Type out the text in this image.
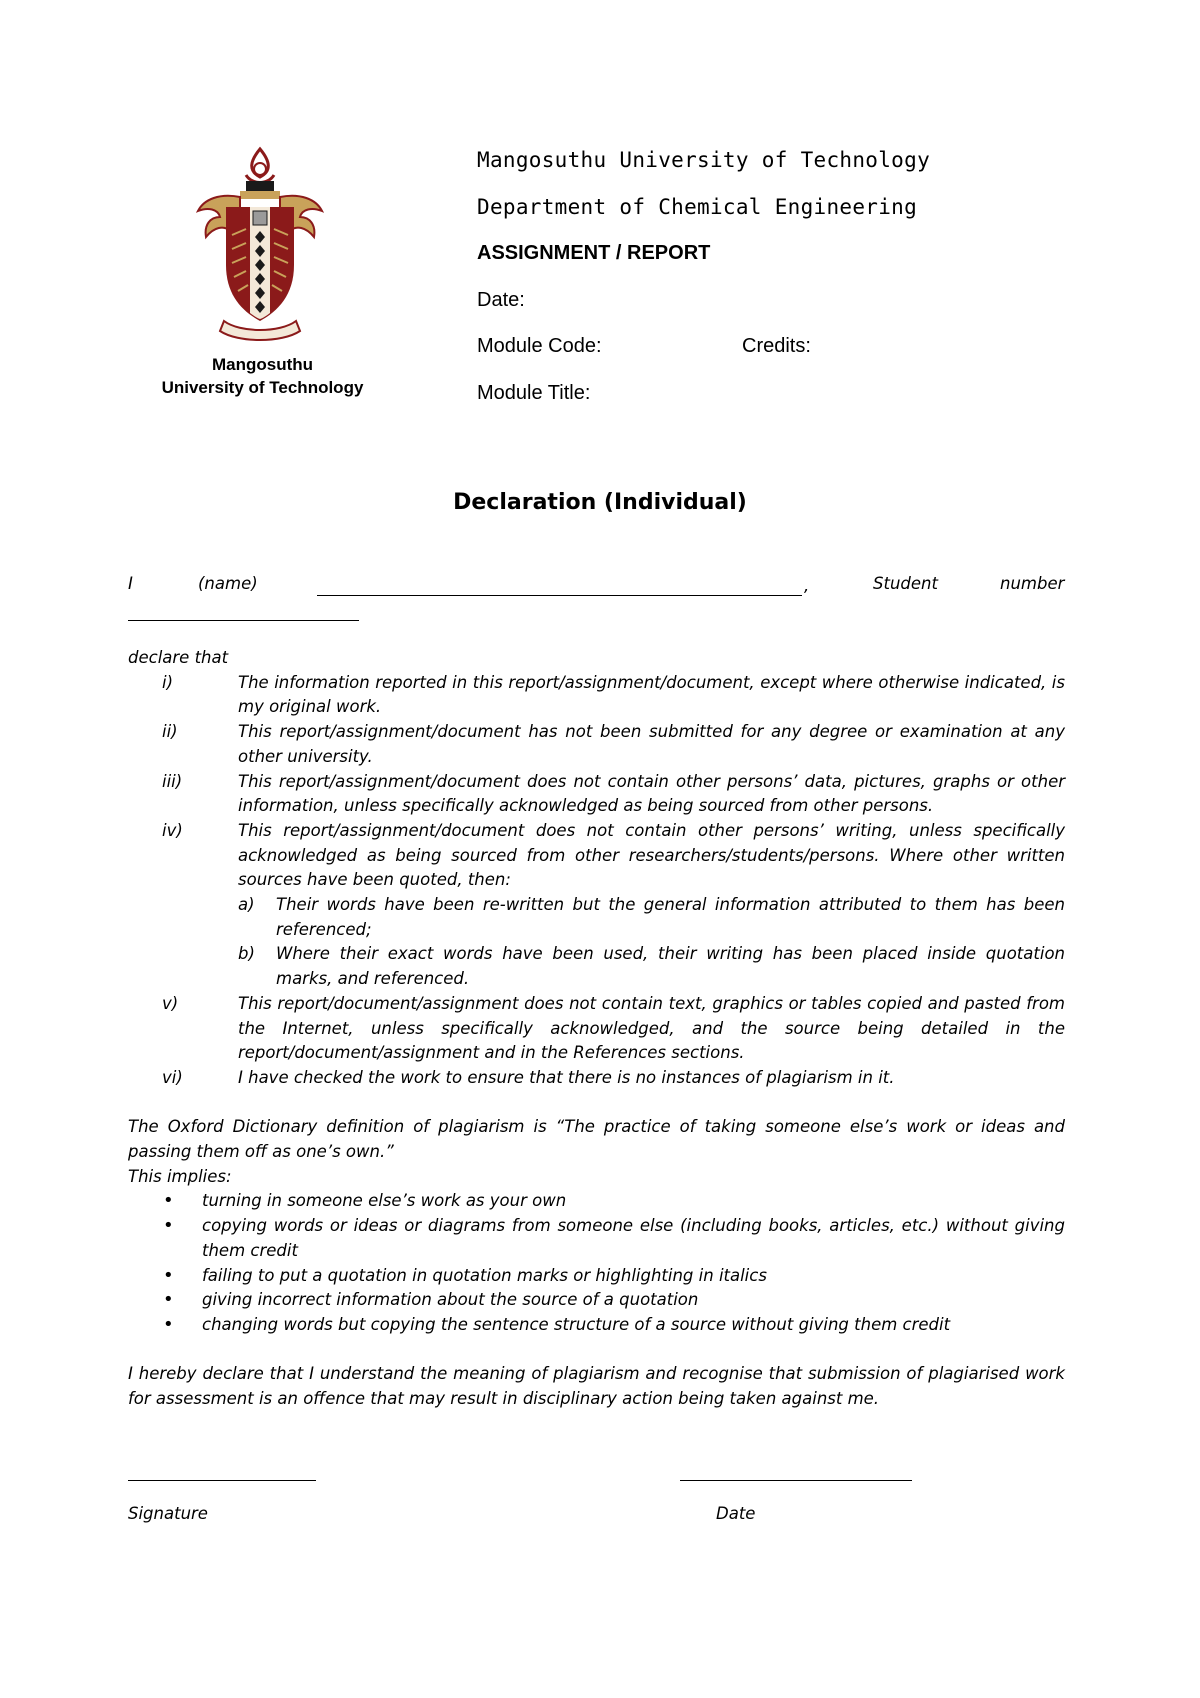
Mangosuthu
University of Technology
Mangosuthu University of Technology
Department of Chemical Engineering
ASSIGNMENT / REPORT
Date:
Module Code:	Credits:
Module Title:
Declaration (Individual)
I	(name)	,	Student	number
declare that
i)	The information reported in this report/assignment/document, except where otherwise indicated, is my original work.
ii)	This report/assignment/document has not been submitted for any degree or examination at any other university.
iii)	This report/assignment/document does not contain other persons’ data, pictures, graphs or other information, unless specifically acknowledged as being sourced from other persons.
iv)	This report/assignment/document does not contain other persons’ writing, unless specifically acknowledged as being sourced from other researchers/students/persons. Where other written sources have been quoted, then:
a) Their words have been re-written but the general information attributed to them has been referenced;
b) Where their exact words have been used, their writing has been placed inside quotation marks, and referenced.
v)	This report/document/assignment does not contain text, graphics or tables copied and pasted from the Internet, unless specifically acknowledged, and the source being detailed in the report/document/assignment and in the References sections.
vi)	I have checked the work to ensure that there is no instances of plagiarism in it.
The Oxford Dictionary definition of plagiarism is “The practice of taking someone else’s work or ideas and passing them off as one’s own.”
This implies:
• turning in someone else’s work as your own
• copying words or ideas or diagrams from someone else (including books, articles, etc.) without giving them credit
• failing to put a quotation in quotation marks or highlighting in italics
• giving incorrect information about the source of a quotation
• changing words but copying the sentence structure of a source without giving them credit
I hereby declare that I understand the meaning of plagiarism and recognise that submission of plagiarised work for assessment is an offence that may result in disciplinary action being taken against me.
Signature	Date
